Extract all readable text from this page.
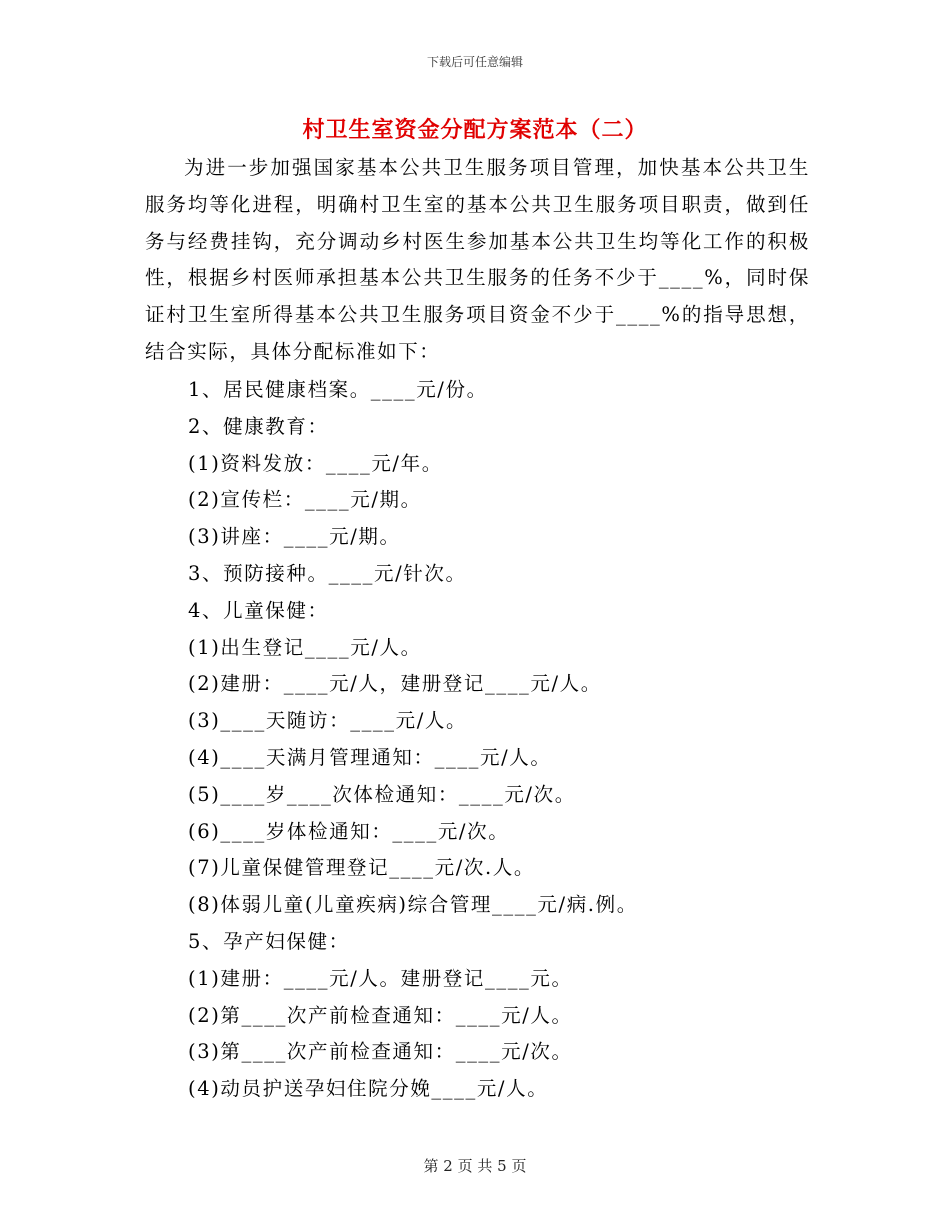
下载后可任意编辑
村卫生室资金分配方案范本（二）

为进一步加强国家基本公共卫生服务项目管理，加快基本公共卫生服务均等化进程，明确村卫生室的基本公共卫生服务项目职责，做到任务与经费挂钩，充分调动乡村医生参加基本公共卫生均等化工作的积极性，根据乡村医师承担基本公共卫生服务的任务不少于____%，同时保证村卫生室所得基本公共卫生服务项目资金不少于____%的指导思想，结合实际，具体分配标准如下：

1、居民健康档案。____元/份。
2、健康教育：
(1)资料发放：____元/年。
(2)宣传栏：____元/期。
(3)讲座：____元/期。
3、预防接种。____元/针次。
4、儿童保健：
(1)出生登记____元/人。
(2)建册：____元/人，建册登记____元/人。
(3)____天随访：____元/人。
(4)____天满月管理通知：____元/人。
(5)____岁____次体检通知：____元/次。
(6)____岁体检通知：____元/次。
(7)儿童保健管理登记____元/次.人。
(8)体弱儿童(儿童疾病)综合管理____元/病.例。
5、孕产妇保健：
(1)建册：____元/人。建册登记____元。
(2)第____次产前检查通知：____元/人。
(3)第____次产前检查通知：____元/次。
(4)动员护送孕妇住院分娩____元/人。
第 2 页 共 5 页
